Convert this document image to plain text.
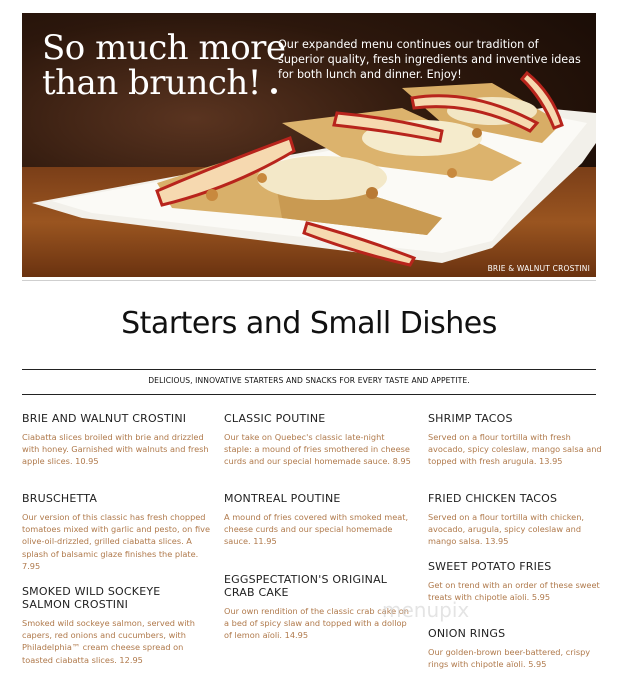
So much more
than brunch!
Our expanded menu continues our tradition of superior quality, fresh ingredients and inventive ideas for both lunch and dinner. Enjoy!
BRIE & WALNUT CROSTINI
Starters and Small Dishes
DELICIOUS, INNOVATIVE STARTERS AND SNACKS FOR EVERY TASTE AND APPETITE.
BRIE AND WALNUT CROSTINI
Ciabatta slices broiled with brie and drizzled with honey. Garnished with walnuts and fresh apple slices. 10.95
BRUSCHETTA
Our version of this classic has fresh chopped tomatoes mixed with garlic and pesto, on five olive-oil-drizzled, grilled ciabatta slices. A splash of balsamic glaze finishes the plate. 7.95
SMOKED WILD SOCKEYE SALMON CROSTINI
Smoked wild sockeye salmon, served with capers, red onions and cucumbers, with Philadelphia™ cream cheese spread on toasted ciabatta slices. 12.95
CLASSIC POUTINE
Our take on Quebec's classic late-night staple: a mound of fries smothered in cheese curds and our special homemade sauce. 8.95
MONTREAL POUTINE
A mound of fries covered with smoked meat, cheese curds and our special homemade sauce. 11.95
EGGSPECTATION'S ORIGINAL CRAB CAKE
Our own rendition of the classic crab cake on a bed of spicy slaw and topped with a dollop of lemon aïoli. 14.95
SHRIMP TACOS
Served on a flour tortilla with fresh avocado, spicy coleslaw, mango salsa and topped with fresh arugula. 13.95
FRIED CHICKEN TACOS
Served on a flour tortilla with chicken, avocado, arugula, spicy coleslaw and mango salsa. 13.95
SWEET POTATO FRIES
Get on trend with an order of these sweet treats with chipotle aïoli. 5.95
ONION RINGS
Our golden-brown beer-battered, crispy rings with chipotle aïoli. 5.95
menupix
